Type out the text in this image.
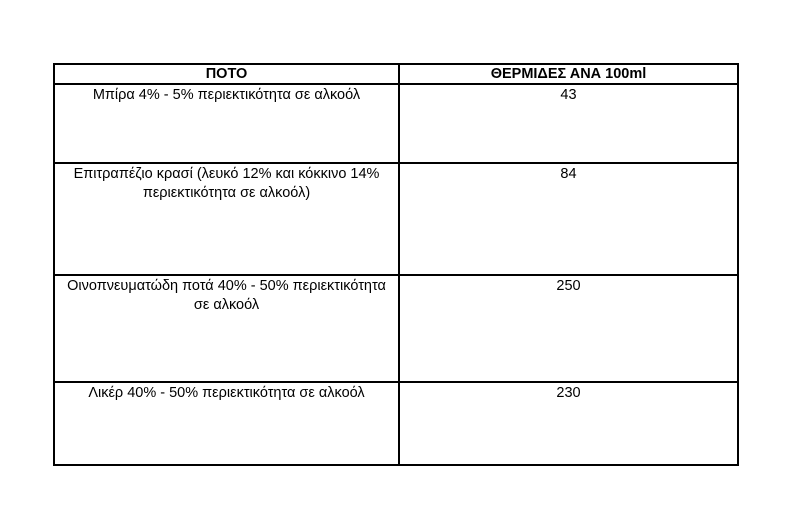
ΠΟΤΟ	ΘΕΡΜΙΔΕΣ ΑΝΑ 100ml
Μπίρα 4% - 5% περιεκτικότητα σε αλκοόλ	43
Επιτραπέζιο κρασί (λευκό 12% και κόκκινο 14% περιεκτικότητα σε αλκοόλ)	84
Οινοπνευματώδη ποτά 40% - 50% περιεκτικότητα σε αλκοόλ	250
Λικέρ 40% - 50% περιεκτικότητα σε αλκοόλ	230
